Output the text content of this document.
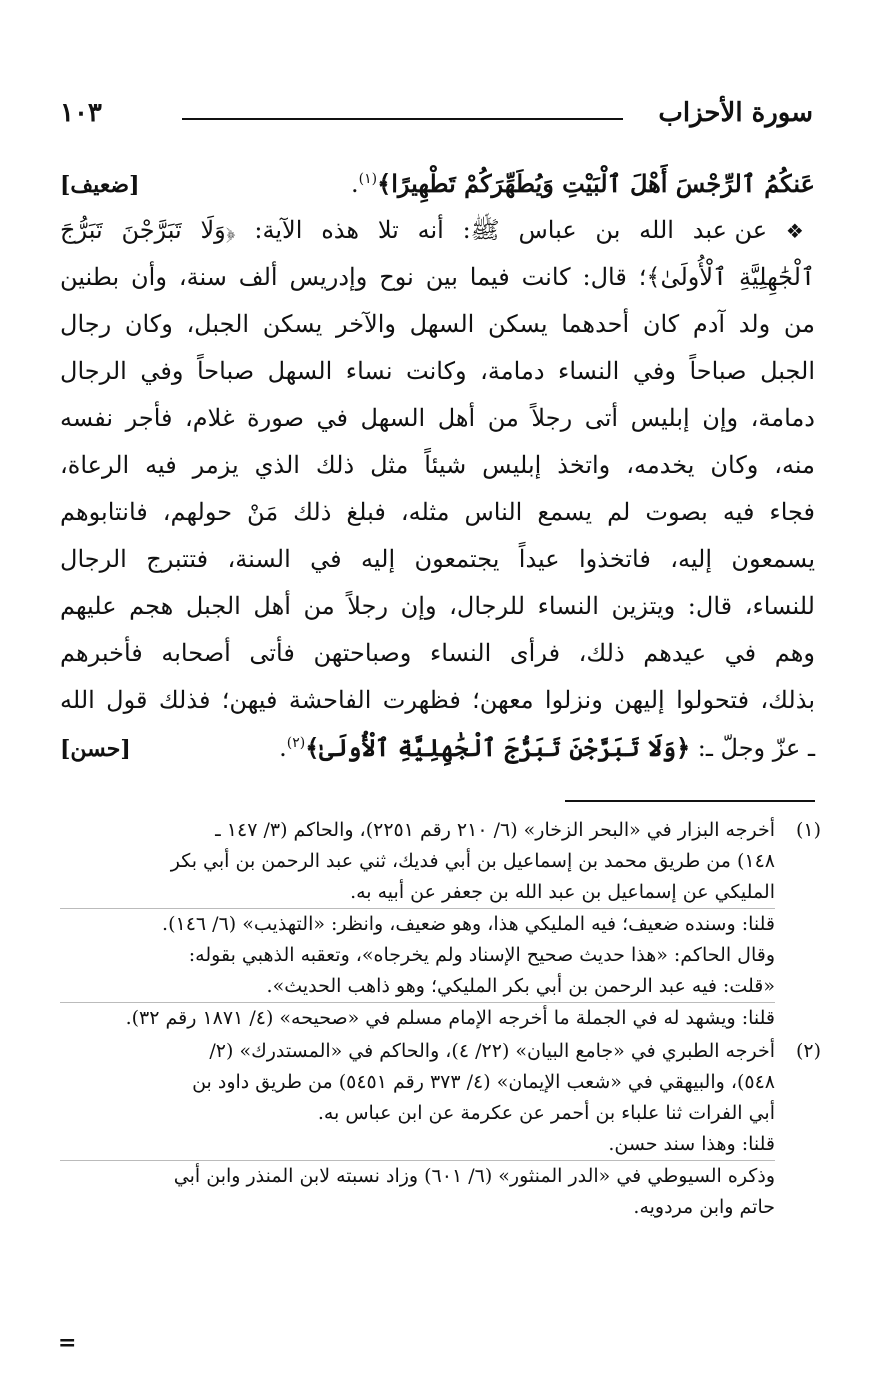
١٠٣	سورة الأحزاب
عَنكُمُ ٱلرِّجْسَ أَهْلَ ٱلْبَيْتِ وَيُطَهِّرَكُمْ تَطْهِيرًا﴾$^{(١)}$.
[ضعيف]
❖ عن عبد الله بن عباس ﷺ: أنه تلا هذه الآية: ﴿وَلَا تَبَرَّجْنَ تَبَرُّجَ
ٱلْجَٰهِلِيَّةِ ٱلْأُولَىٰ﴾؛ قال: كانت فيما بين نوح وإدريس ألف سنة، وأن بطنين
من ولد آدم كان أحدهما يسكن السهل والآخر يسكن الجبل، وكان رجال
الجبل صباحاً وفي النساء دمامة، وكانت نساء السهل صباحاً وفي الرجال
دمامة، وإن إبليس أتى رجلاً من أهل السهل في صورة غلام، فأجر نفسه
منه، وكان يخدمه، واتخذ إبليس شيئاً مثل ذلك الذي يزمر فيه الرعاة،
فجاء فيه بصوت لم يسمع الناس مثله، فبلغ ذلك مَنْ حولهم، فانتابوهم
يسمعون إليه، فاتخذوا عيداً يجتمعون إليه في السنة، فتتبرج الرجال
للنساء، قال: ويتزين النساء للرجال، وإن رجلاً من أهل الجبل هجم عليهم
وهم في عيدهم ذلك، فرأى النساء وصباحتهن فأتى أصحابه فأخبرهم
بذلك، فتحولوا إليهن ونزلوا معهن؛ فظهرت الفاحشة فيهن؛ فذلك قول الله
ـ عزّ وجلّ ـ: ﴿وَلَا تَبَرَّجْنَ تَبَرُّجَ ٱلْجَٰهِلِيَّةِ ٱلْأُولَىٰ﴾$^{(٢)}$.
[حسن]
(١)
أخرجه البزار في «البحر الزخار» (٦/ ٢١٠ رقم ٢٢٥١)، والحاكم (٣/ ١٤٧ ـ
١٤٨) من طريق محمد بن إسماعيل بن أبي فديك، ثني عبد الرحمن بن أبي بكر
المليكي عن إسماعيل بن عبد الله بن جعفر عن أبيه به.
قلنا: وسنده ضعيف؛ فيه المليكي هذا، وهو ضعيف، وانظر: «التهذيب» (٦/ ١٤٦).
وقال الحاكم: «هذا حديث صحيح الإسناد ولم يخرجاه»، وتعقبه الذهبي بقوله:
«قلت: فيه عبد الرحمن بن أبي بكر المليكي؛ وهو ذاهب الحديث».
قلنا: ويشهد له في الجملة ما أخرجه الإمام مسلم في «صحيحه» (٤/ ١٨٧١ رقم ٣٢).
(٢)
أخرجه الطبري في «جامع البيان» (٢٢/ ٤)، والحاكم في «المستدرك» (٢/
٥٤٨)، والبيهقي في «شعب الإيمان» (٤/ ٣٧٣ رقم ٥٤٥١) من طريق داود بن
أبي الفرات ثنا علباء بن أحمر عن عكرمة عن ابن عباس به.
قلنا: وهذا سند حسن.
وذكره السيوطي في «الدر المنثور» (٦/ ٦٠١) وزاد نسبته لابن المنذر وابن أبي
حاتم وابن مردويه.
=
